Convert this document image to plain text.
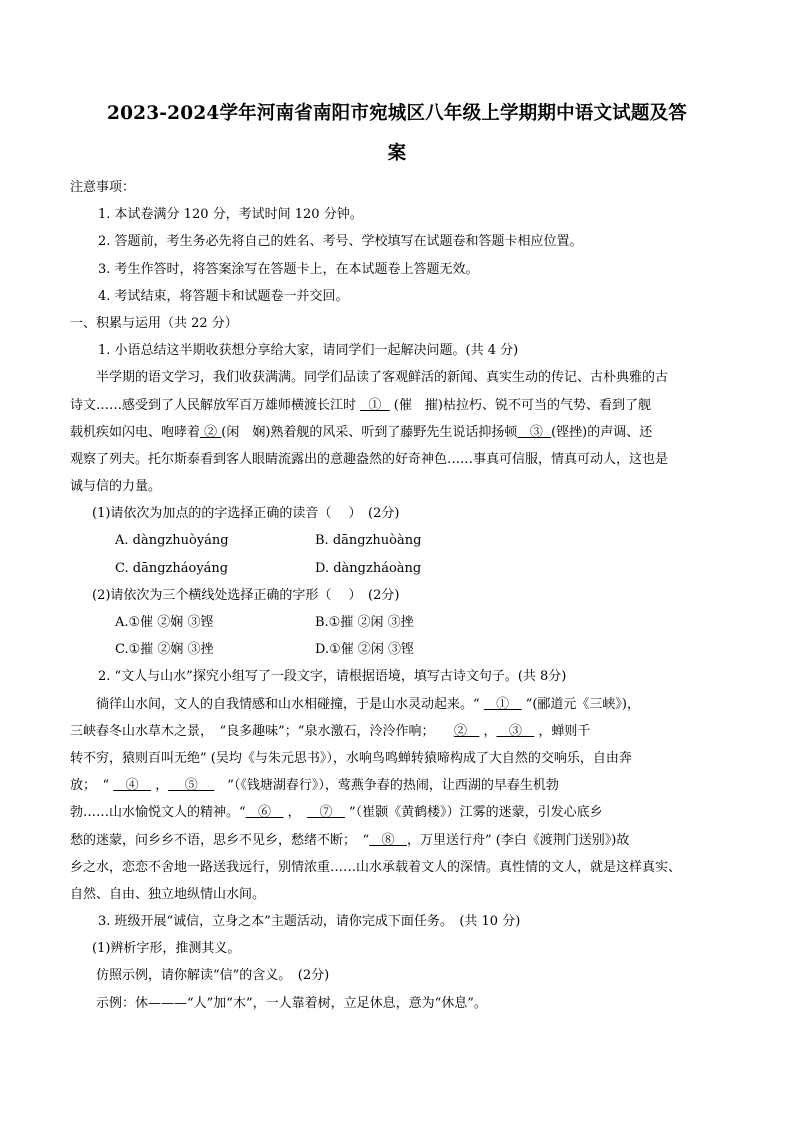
2023-2024学年河南省南阳市宛城区八年级上学期期中语文试题及答
案
注意事项：
1. 本试卷满分 120 分，考试时间 120 分钟。
2. 答题前，考生务必先将自己的姓名、考号、学校填写在试题卷和答题卡相应位置。
3. 考生作答时，将答案涂写在答题卡上，在本试题卷上答题无效。
4. 考试结束，将答题卡和试题卷一并交回。
一、积累与运用（共 22 分）
1. 小语总结这半期收获想分享给大家，请同学们一起解决问题。(共 4 分)
半学期的语文学习，我们收获满满。同学们品读了客观鲜活的新闻、真实生动的传记、古朴典雅的古
诗文……感受到了人民解放军百万雄师横渡长江时   ①   (催　摧)枯拉朽、锐不可当的气势、看到了舰
载机疾如闪电、咆哮着 ② (闲　娴)熟着舰的风采、听到了藤野先生说话抑扬顿   ③  (铿挫)的声调、还
观察了列夫。托尔斯泰看到客人眼睛流露出的意趣盎然的好奇神色……事真可信服，情真可动人，这也是
诚与信的力量。
(1)请依次为加点的的字选择正确的读音（　 ）　(2分)
A. dàngzhuòyáng	B. dāngzhuòàng
C. dāngzháoyáng	D. dàngzháoàng
(2)请依次为三个横线处选择正确的字形（　 ）　(2分)
A.①催 ②娴 ③铿	B.①摧 ②闲 ③挫
C.①摧 ②娴 ③挫	D.①催 ②闲 ③铿
2. “文人与山水”探究小组写了一段文字，请根据语境，填写古诗文句子。(共 8分)
徜徉山水间，文人的自我情感和山水相碰撞，于是山水灵动起来。“    ①    ”(郦道元《三峡》)，
三峡春冬山水草木之景，　“良多趣味”；“泉水激石，泠泠作响；　　②    ，   ③    ，蝉则千
转不穷，猿则百叫无绝” (吴均《与朱元思书》），水响鸟鸣蝉转猿啼构成了大自然的交响乐，自由奔
放；　“    ④    ，    ⑤    　”（《钱塘湖春行》），莺燕争春的热闹，让西湖的早春生机勃
勃……山水愉悦文人的精神。“   ⑥    ，　   ⑦    ”（崔颢《黄鹤楼》）江雾的迷蒙，引发心底乡
愁的迷蒙，问乡乡不语，思乡不见乡，愁绪不断；　“   ⑧   ，万里送行舟” (李白《渡荆门送别》)故
乡之水，恋恋不舍地一路送我远行，别情浓重……山水承载着文人的深情。真性情的文人，就是这样真实、
自然、自由、独立地纵情山水间。
3. 班级开展“诚信，立身之本”主题活动，请你完成下面任务。　(共 10 分)
(1)辨析字形，推测其义。
仿照示例，请你解读“信”的含义。　(2分)
示例：休———“人”加“木”，一人靠着树，立足休息，意为“休息”。
